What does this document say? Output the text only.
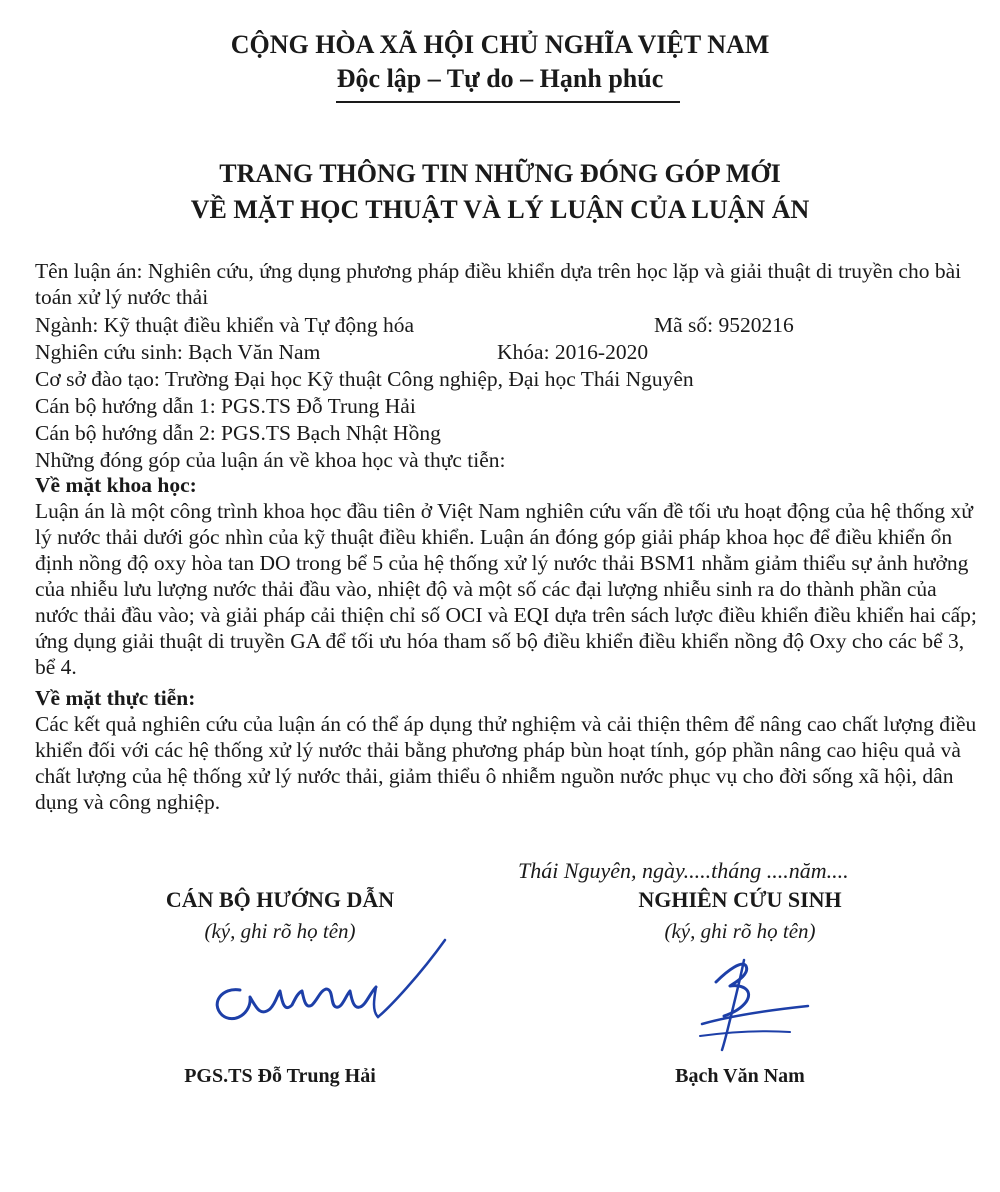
CỘNG HÒA XÃ HỘI CHỦ NGHĨA VIỆT NAM
Độc lập – Tự do – Hạnh phúc
TRANG THÔNG TIN NHỮNG ĐÓNG GÓP MỚI
VỀ MẶT HỌC THUẬT VÀ LÝ LUẬN CỦA LUẬN ÁN
Tên luận án: Nghiên cứu, ứng dụng phương pháp điều khiển dựa trên học lặp và giải thuật di truyền cho bài toán xử lý nước thải
Ngành: Kỹ thuật điều khiển và Tự động hóa	Mã số: 9520216
Nghiên cứu sinh: Bạch Văn Nam	Khóa: 2016-2020
Cơ sở đào tạo: Trường Đại học Kỹ thuật Công nghiệp, Đại học Thái Nguyên
Cán bộ hướng dẫn 1: PGS.TS Đỗ Trung Hải
Cán bộ hướng dẫn 2: PGS.TS Bạch Nhật Hồng
Những đóng góp của luận án về khoa học và thực tiễn:
Về mặt khoa học:
Luận án là một công trình khoa học đầu tiên ở Việt Nam nghiên cứu vấn đề tối ưu hoạt động của hệ thống xử lý nước thải dưới góc nhìn của kỹ thuật điều khiển. Luận án đóng góp giải pháp khoa học để điều khiển ổn định nồng độ oxy hòa tan DO trong bể 5 của hệ thống xử lý nước thải BSM1 nhằm giảm thiểu sự ảnh hưởng của nhiễu lưu lượng nước thải đầu vào, nhiệt độ và một số các đại lượng nhiễu sinh ra do thành phần của nước thải đầu vào; và giải pháp cải thiện chỉ số OCI và EQI dựa trên sách lược điều khiển điều khiển hai cấp; ứng dụng giải thuật di truyền GA để tối ưu hóa tham số bộ điều khiển điều khiển nồng độ Oxy cho các bể 3, bể 4.
Về mặt thực tiễn:
Các kết quả nghiên cứu của luận án có thể áp dụng thử nghiệm và cải thiện thêm để nâng cao chất lượng điều khiển đối với các hệ thống xử lý nước thải bằng phương pháp bùn hoạt tính, góp phần nâng cao hiệu quả và chất lượng của hệ thống xử lý nước thải, giảm thiểu ô nhiễm nguồn nước phục vụ cho đời sống xã hội, dân dụng và công nghiệp.
Thái Nguyên, ngày.....tháng ....năm....
CÁN BỘ HƯỚNG DẪN
(ký, ghi rõ họ tên)
PGS.TS Đỗ Trung Hải
NGHIÊN CỨU SINH
(ký, ghi rõ họ tên)
Bạch Văn Nam
